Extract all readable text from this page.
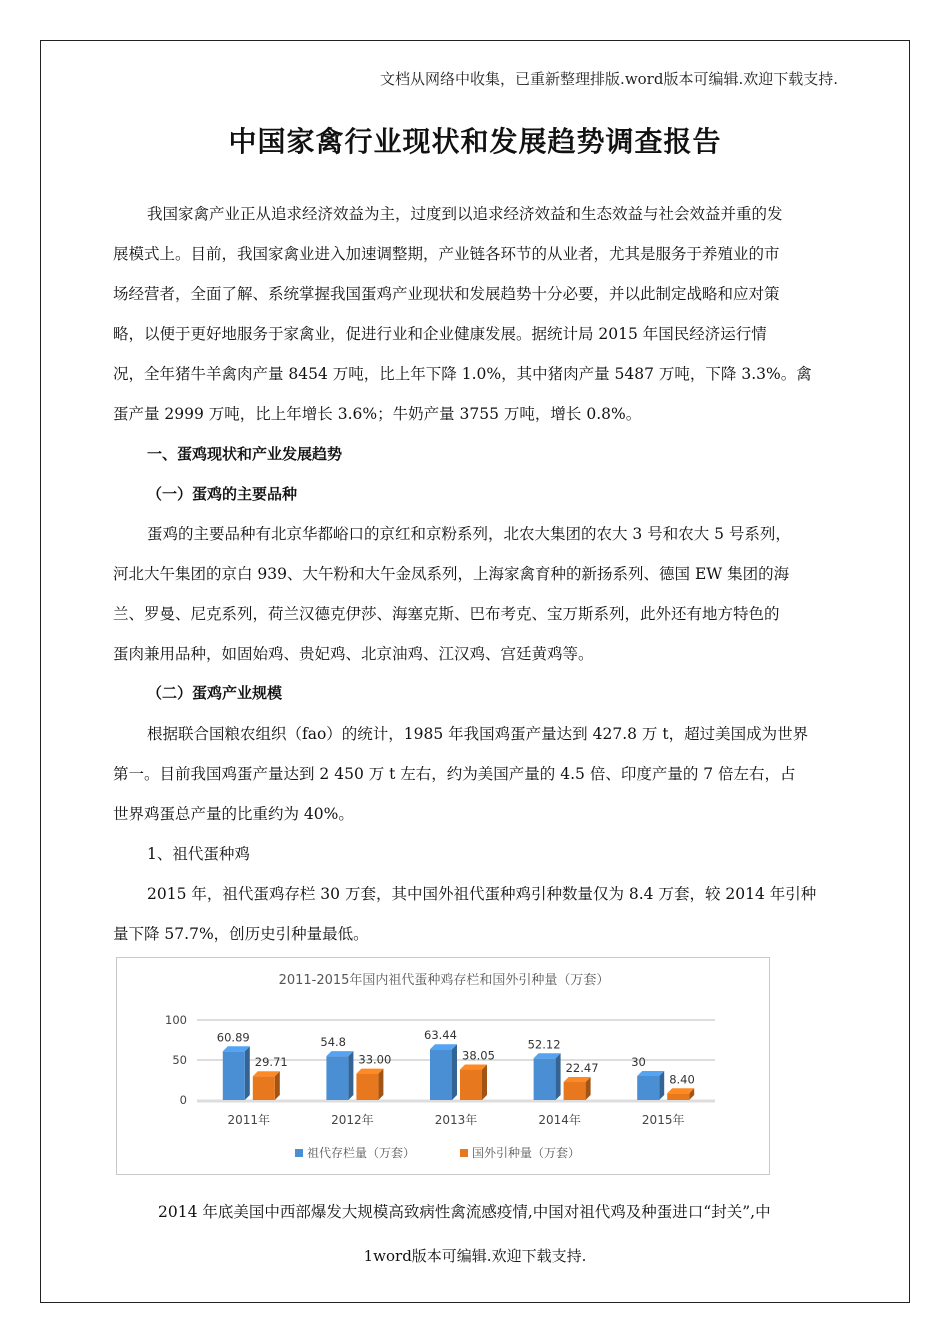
文档从网络中收集，已重新整理排版.word版本可编辑.欢迎下载支持.
中国家禽行业现状和发展趋势调查报告
我国家禽产业正从追求经济效益为主，过度到以追求经济效益和生态效益与社会效益并重的发
展模式上。目前，我国家禽业进入加速调整期，产业链各环节的从业者，尤其是服务于养殖业的市
场经营者，全面了解、系统掌握我国蛋鸡产业现状和发展趋势十分必要，并以此制定战略和应对策
略，以便于更好地服务于家禽业，促进行业和企业健康发展。据统计局 2015 年国民经济运行情
况，全年猪牛羊禽肉产量 8454 万吨，比上年下降 1.0%，其中猪肉产量 5487 万吨，下降 3.3%。禽
蛋产量 2999 万吨，比上年增长 3.6%；牛奶产量 3755 万吨，增长 0.8%。
一、蛋鸡现状和产业发展趋势
（一）蛋鸡的主要品种
蛋鸡的主要品种有北京华都峪口的京红和京粉系列，北农大集团的农大 3 号和农大 5 号系列，
河北大午集团的京白 939、大午粉和大午金凤系列，上海家禽育种的新扬系列、德国 EW 集团的海
兰、罗曼、尼克系列，荷兰汉德克伊莎、海塞克斯、巴布考克、宝万斯系列，此外还有地方特色的
蛋肉兼用品种，如固始鸡、贵妃鸡、北京油鸡、江汉鸡、宫廷黄鸡等。
（二）蛋鸡产业规模
根据联合国粮农组织（fao）的统计，1985 年我国鸡蛋产量达到 427.8 万 t，超过美国成为世界
第一。目前我国鸡蛋产量达到 2 450 万 t 左右，约为美国产量的 4.5 倍、印度产量的 7 倍左右，占
世界鸡蛋总产量的比重约为 40%。
1、祖代蛋种鸡
2015 年，祖代蛋鸡存栏 30 万套，其中国外祖代蛋种鸡引种数量仅为 8.4 万套，较 2014 年引种
量下降 57.7%，创历史引种量最低。
2011-2015年国内祖代蛋种鸡存栏和国外引种量（万套）
100
50
0
60.89
29.71
2011年
54.8
33.00
2012年
63.44
38.05
2013年
52.12
22.47
2014年
30
8.40
2015年
祖代存栏量（万套）	国外引种量（万套）
2014 年底美国中西部爆发大规模高致病性禽流感疫情,中国对祖代鸡及种蛋进口“封关”,中
1word版本可编辑.欢迎下载支持.
